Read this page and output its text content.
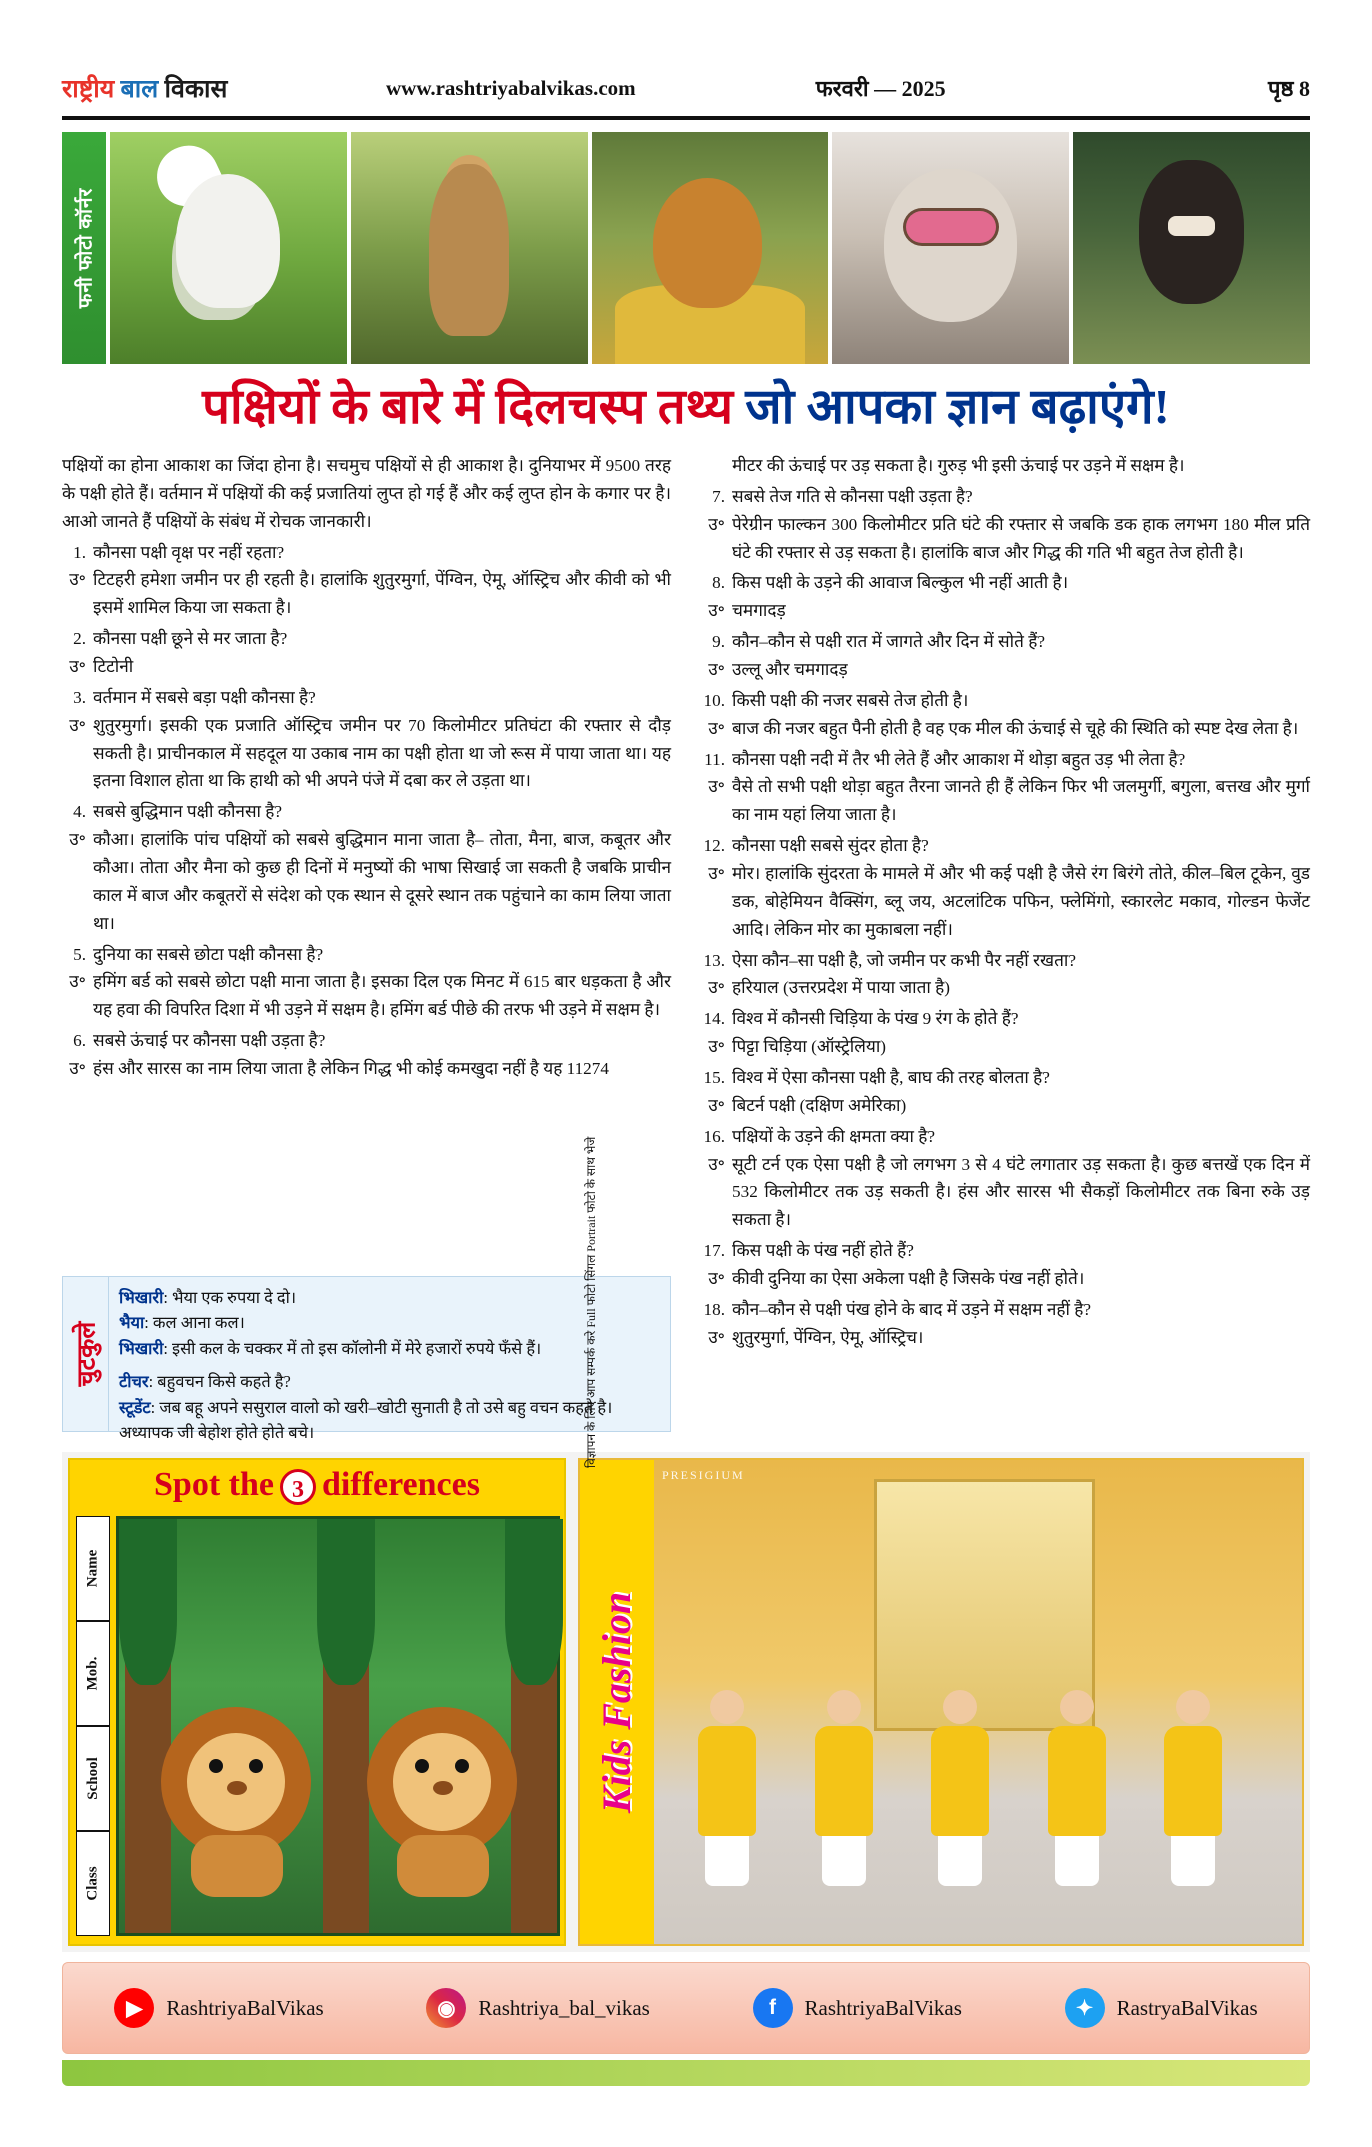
राष्ट्रीय बाल विकास	www.rashtriyabalvikas.com	फरवरी — 2025	पृष्ठ 8
फनी फोटो कॉर्नर
पक्षियों के बारे में दिलचस्प तथ्य जो आपका ज्ञान बढ़ाएंगे!

पक्षियों का होना आकाश का जिंदा होना है। सचमुच पक्षियों से ही आकाश है। दुनियाभर में 9500 तरह के पक्षी होते हैं। वर्तमान में पक्षियों की कई प्रजातियां लुप्त हो गई हैं और कई लुप्त होन के कगार पर है। आओ जानते हैं पक्षियों के संबंध में रोचक जानकारी।

1. कौनसा पक्षी वृक्ष पर नहीं रहता?
उ॰ टिटहरी हमेशा जमीन पर ही रहती है। हालांकि शुतुरमुर्गा, पेंग्विन, ऐमू, ऑस्ट्रिच और कीवी को भी इसमें शामिल किया जा सकता है।
2. कौनसा पक्षी छूने से मर जाता है?
उ॰ टिटोनी
3. वर्तमान में सबसे बड़ा पक्षी कौनसा है?
उ॰ शुतुरमुर्गा। इसकी एक प्रजाति ऑस्ट्रिच जमीन पर 70 किलोमीटर प्रतिघंटा की रफ्तार से दौड़ सकती है। प्राचीनकाल में सहदूल या उकाब नाम का पक्षी होता था जो रूस में पाया जाता था। यह इतना विशाल होता था कि हाथी को भी अपने पंजे में दबा कर ले उड़ता था।
4. सबसे बुद्धिमान पक्षी कौनसा है?
उ॰ कौआ। हालांकि पांच पक्षियों को सबसे बुद्धिमान माना जाता है– तोता, मैना, बाज, कबूतर और कौआ। तोता और मैना को कुछ ही दिनों में मनुष्यों की भाषा सिखाई जा सकती है जबकि प्राचीन काल में बाज और कबूतरों से संदेश को एक स्थान से दूसरे स्थान तक पहुंचाने का काम लिया जाता था।
5. दुनिया का सबसे छोटा पक्षी कौनसा है?
उ॰ हमिंग बर्ड को सबसे छोटा पक्षी माना जाता है। इसका दिल एक मिनट में 615 बार धड़कता है और यह हवा की विपरित दिशा में भी उड़ने में सक्षम है। हमिंग बर्ड पीछे की तरफ भी उड़ने में सक्षम है।
6. सबसे ऊंचाई पर कौनसा पक्षी उड़ता है?
उ॰ हंस और सारस का नाम लिया जाता है लेकिन गिद्ध भी कोई कमखुदा नहीं है यह 11274
मीटर की ऊंचाई पर उड़ सकता है। गुरुड़ भी इसी ऊंचाई पर उड़ने में सक्षम है।
7. सबसे तेज गति से कौनसा पक्षी उड़ता है?
उ॰ पेरेग्रीन फाल्कन 300 किलोमीटर प्रति घंटे की रफ्तार से जबकि डक हाक लगभग 180 मील प्रति घंटे की रफ्तार से उड़ सकता है। हालांकि बाज और गिद्ध की गति भी बहुत तेज होती है।
8. किस पक्षी के उड़ने की आवाज बिल्कुल भी नहीं आती है।
उ॰ चमगादड़
9. कौन–कौन से पक्षी रात में जागते और दिन में सोते हैं?
उ॰ उल्लू और चमगादड़
10. किसी पक्षी की नजर सबसे तेज होती है।
उ॰ बाज की नजर बहुत पैनी होती है वह एक मील की ऊंचाई से चूहे की स्थिति को स्पष्ट देख लेता है।
11. कौनसा पक्षी नदी में तैर भी लेते हैं और आकाश में थोड़ा बहुत उड़ भी लेता है?
उ॰ वैसे तो सभी पक्षी थोड़ा बहुत तैरना जानते ही हैं लेकिन फिर भी जलमुर्गी, बगुला, बत्तख और मुर्गा का नाम यहां लिया जाता है।
12. कौनसा पक्षी सबसे सुंदर होता है?
उ॰ मोर। हालांकि सुंदरता के मामले में और भी कई पक्षी है जैसे रंग बिरंगे तोते, कील–बिल टूकेन, वुड डक, बोहेमियन वैक्सिंग, ब्लू जय, अटलांटिक पफिन, फ्लेमिंगो, स्कारलेट मकाव, गोल्डन फेजेंट आदि। लेकिन मोर का मुकाबला नहीं।
13. ऐसा कौन–सा पक्षी है, जो जमीन पर कभी पैर नहीं रखता?
उ॰ हरियाल (उत्तरप्रदेश में पाया जाता है)
14. विश्व में कौनसी चिड़िया के पंख 9 रंग के होते हैं?
उ॰ पिट्टा चिड़िया (ऑस्ट्रेलिया)
15. विश्व में ऐसा कौनसा पक्षी है, बाघ की तरह बोलता है?
उ॰ बिटर्न पक्षी (दक्षिण अमेरिका)
16. पक्षियों के उड़ने की क्षमता क्या है?
उ॰ सूटी टर्न एक ऐसा पक्षी है जो लगभग 3 से 4 घंटे लगातार उड़ सकता है। कुछ बत्तखें एक दिन में 532 किलोमीटर तक उड़ सकती है। हंस और सारस भी सैकड़ों किलोमीटर तक बिना रुके उड़ सकता है।
17. किस पक्षी के पंख नहीं होते हैं?
उ॰ कीवी दुनिया का ऐसा अकेला पक्षी है जिसके पंख नहीं होते।
18. कौन–कौन से पक्षी पंख होने के बाद में उड़ने में सक्षम नहीं है?
उ॰ शुतुरमुर्गा, पेंग्विन, ऐमू, ऑस्ट्रिच।
चुटकुले
भिखारी: भैया एक रुपया दे दो।
भैया: कल आना कल।
भिखारी: इसी कल के चक्कर में तो इस कॉलोनी में मेरे हजारों रुपये फँसे हैं।
टीचर: बहुवचन किसे कहते है?
स्टूडेंट: जब बहू अपने ससुराल वालो को खरी–खोटी सुनाती है तो उसे बहु वचन कहते है। अध्यापक जी बेहोश होते होते बचे।
Spot the 3 differences
Name
Mob.
School
Class
विज्ञापन के लिए आप सम्पर्क करे Full फोटो सिंगल Portrait फोटो के साथ भेजे
Kids Fashion
PRESIGIUM
▶	RashtriyaBalVikas	◉	Rashtriya_bal_vikas	f	RashtriyaBalVikas	✦	RastryaBalVikas
